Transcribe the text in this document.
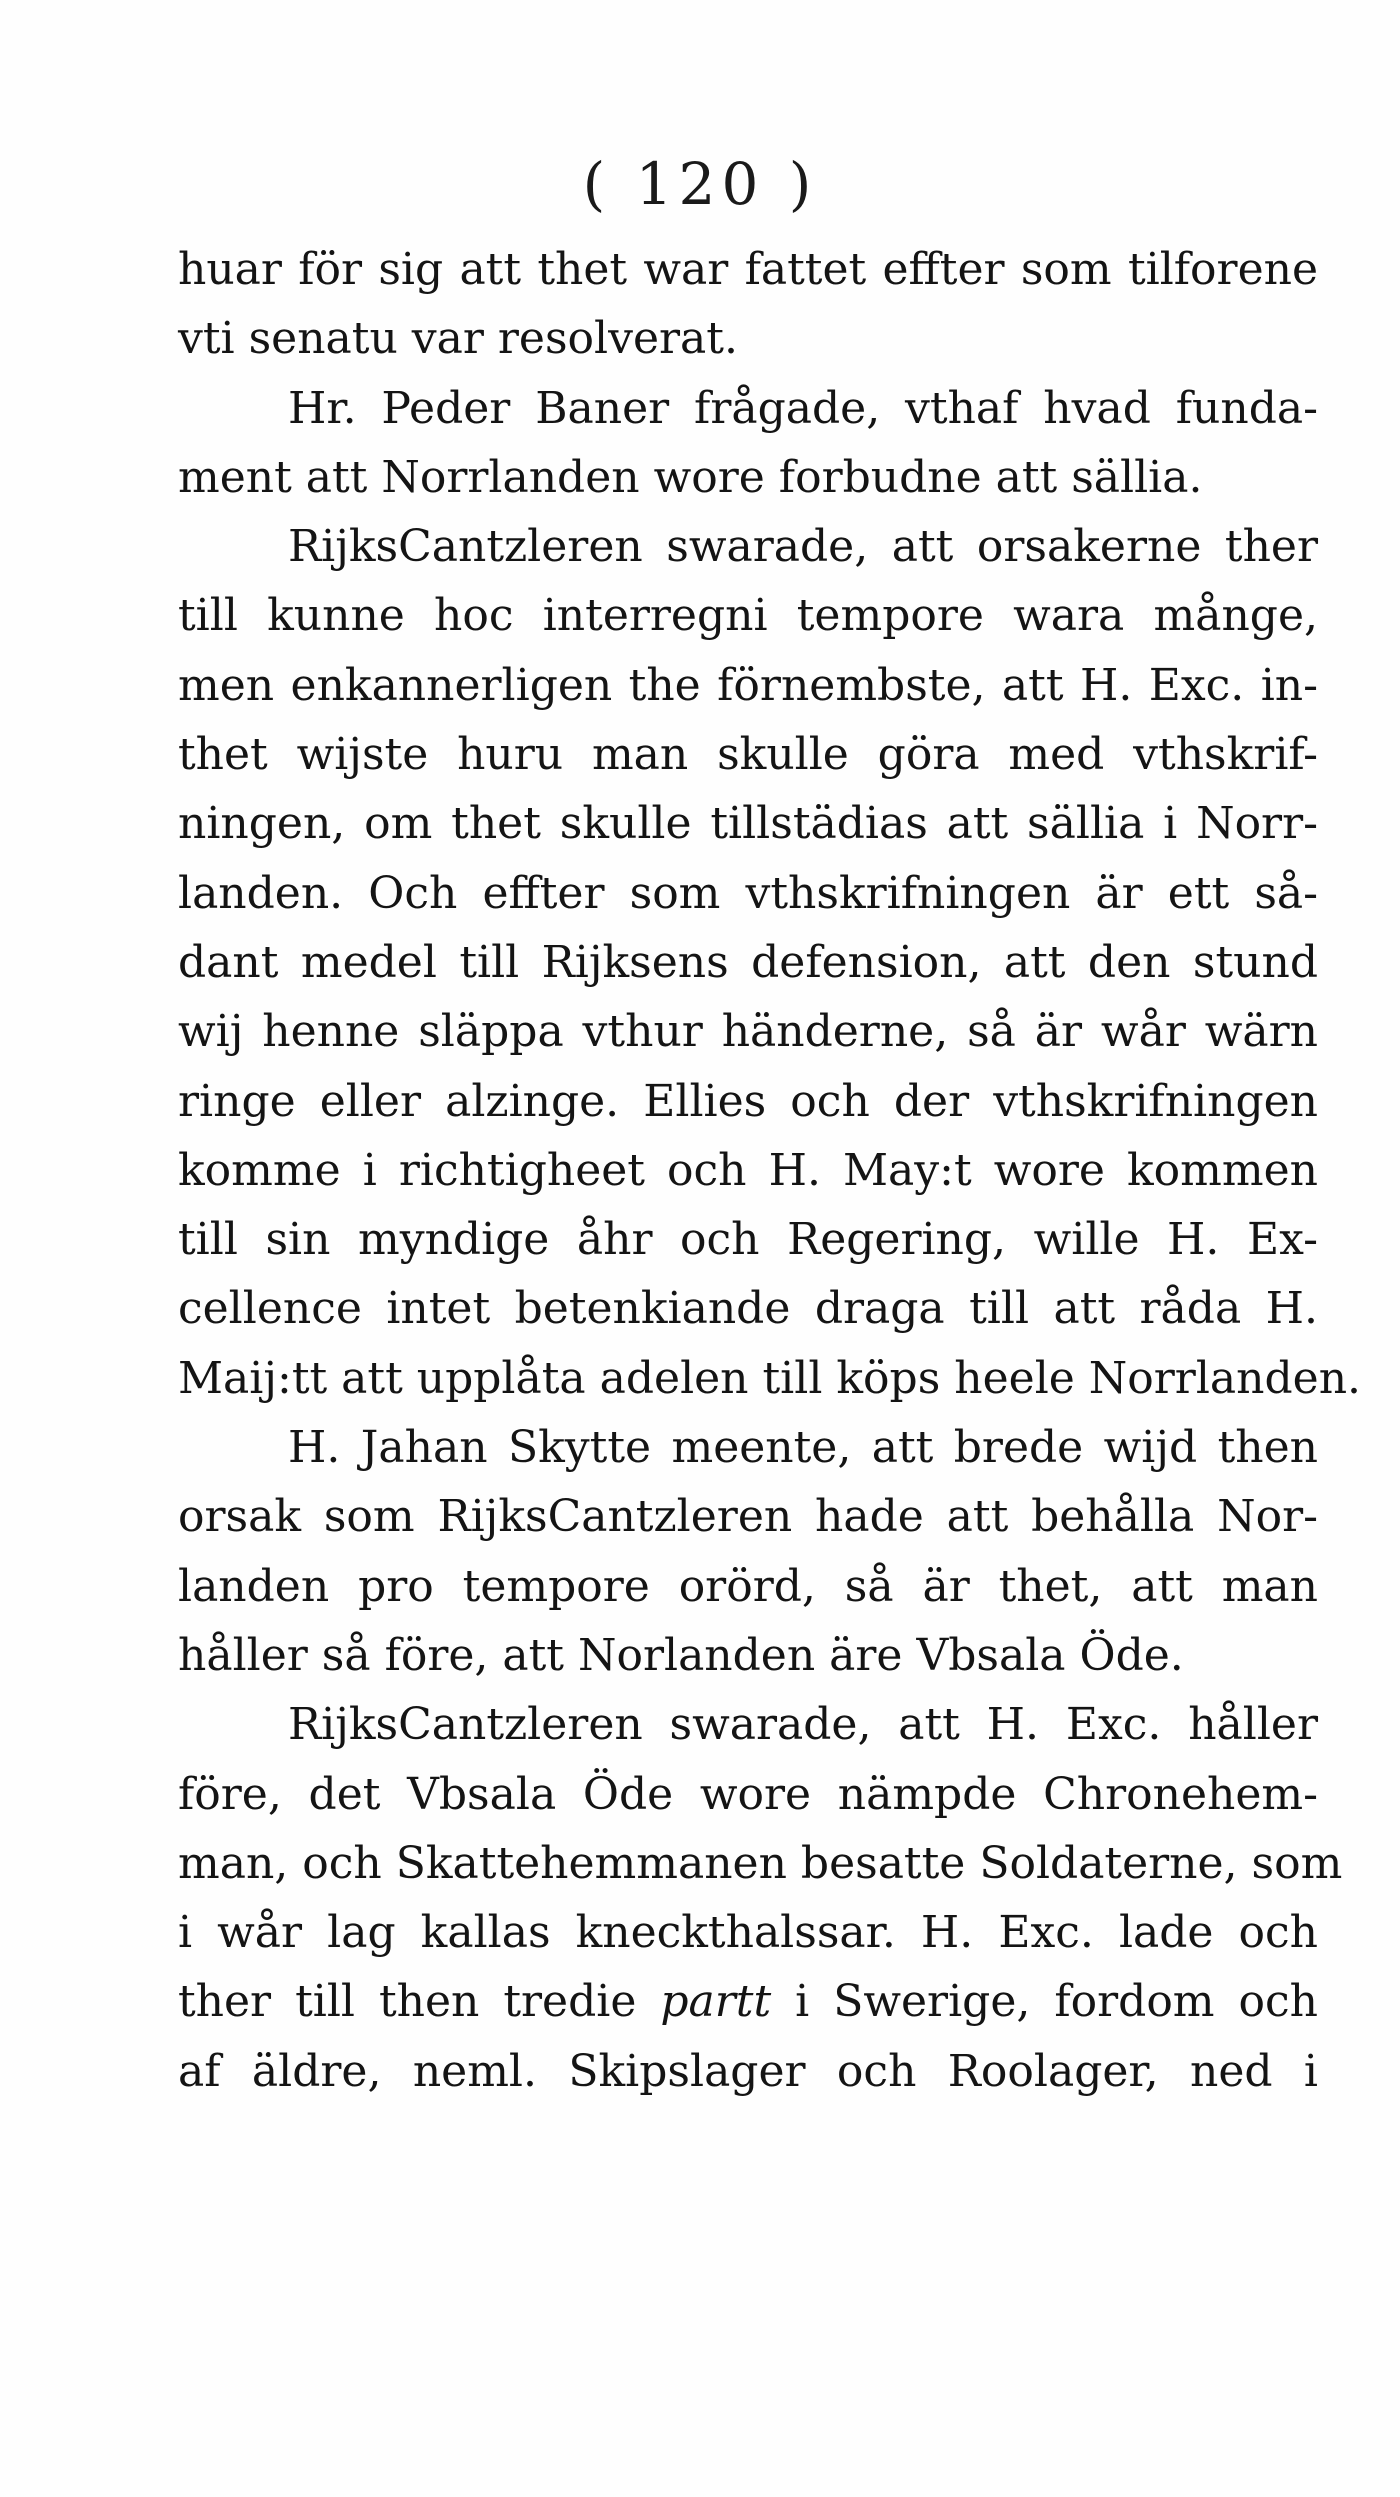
( 120 )
huar för sig att thet war fattet effter som tilforene
vti senatu var resolverat.
Hr. Peder Baner frågade, vthaf hvad funda-
ment att Norrlanden wore forbudne att sällia.
RijksCantzleren swarade, att orsakerne ther
till kunne hoc interregni tempore wara månge,
men enkannerligen the förnembste, att H. Exc. in-
thet wijste huru man skulle göra med vthskrif-
ningen, om thet skulle tillstädias att sällia i Norr-
landen. Och effter som vthskrifningen är ett så-
dant medel till Rijksens defension, att den stund
wij henne släppa vthur händerne, så är wår wärn
ringe eller alzinge. Ellies och der vthskrifningen
komme i richtigheet och H. May:t wore kommen
till sin myndige åhr och Regering, wille H. Ex-
cellence intet betenkiande draga till att råda H.
Maij:tt att upplåta adelen till köps heele Norrlanden.
H. Jahan Skytte meente, att brede wijd then
orsak som RijksCantzleren hade att behålla Nor-
landen pro tempore orörd, så är thet, att man
håller så före, att Norlanden äre Vbsala Öde.
RijksCantzleren swarade, att H. Exc. håller
före, det Vbsala Öde wore nämpde Chronehem-
man, och Skattehemmanen besatte Soldaterne, som
i wår lag kallas kneckthalssar. H. Exc. lade och
ther till then tredie partt i Swerige, fordom och
af äldre, neml. Skipslager och Roolager, ned i
